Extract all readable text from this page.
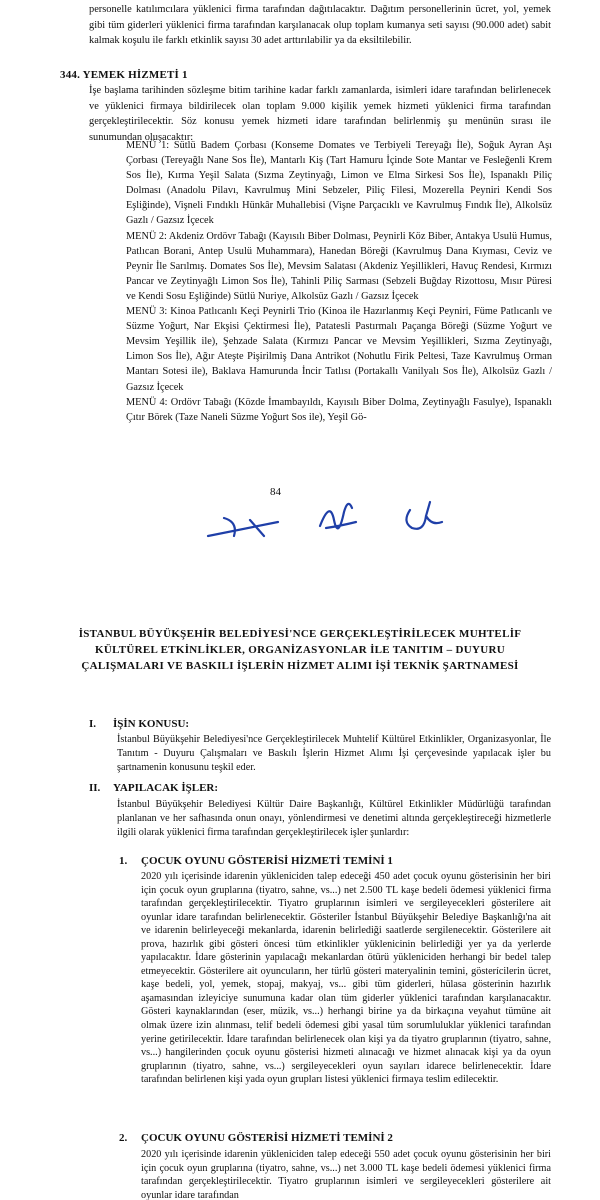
personelle katılımcılara yüklenici firma tarafından dağıtılacaktır. Dağıtım personellerinin ücret, yol, yemek gibi tüm giderleri yüklenici firma tarafından karşılanacak olup toplam kumanya seti sayısı (90.000 adet) sabit kalmak koşulu ile farklı etkinlik sayısı 30 adet arttırılabilir ya da eksiltilebilir.

344. YEMEK HİZMETİ 1

İşe başlama tarihinden sözleşme bitim tarihine kadar farklı zamanlarda, isimleri idare tarafından belirlenecek ve yüklenici firmaya bildirilecek olan toplam 9.000 kişilik yemek hizmeti yüklenici firma tarafından gerçekleştirilecektir. Söz konusu yemek hizmeti idare tarafından belirlenmiş şu menünün sırası ile sunumundan oluşacaktır:

MENÜ 1: Sütlü Badem Çorbası (Konseme Domates ve Terbiyeli Tereyağı İle), Soğuk Ayran Aşı Çorbası (Tereyağlı Nane Sos İle), Mantarlı Kiş (Tart Hamuru İçinde Sote Mantar ve Fesleğenli Krem Sos İle), Kırma Yeşil Salata (Sızma Zeytinyağı, Limon ve Elma Sirkesi Sos İle), Ispanaklı Piliç Dolması (Anadolu Pilavı, Kavrulmuş Mini Sebzeler, Piliç Filesi, Mozerella Peyniri Kendi Sos Eşliğinde), Vişneli Fındıklı Hünkâr Muhallebisi (Vişne Parçacıklı ve Kavrulmuş Fındık İle), Alkolsüz Gazlı / Gazsız İçecek

MENÜ 2: Akdeniz Ordövr Tabağı (Kayısılı Biber Dolması, Peynirli Köz Biber, Antakya Usulü Humus, Patlıcan Borani, Antep Usulü Muhammara), Hanedan Böreği (Kavrulmuş Dana Kıyması, Ceviz ve Peynir İle Sarılmış. Domates Sos İle), Mevsim Salatası (Akdeniz Yeşillikleri, Havuç Rendesi, Kırmızı Pancar ve Zeytinyağlı Limon Sos İle), Tahinli Piliç Sarması (Sebzeli Buğday Rizottosu, Mısır Püresi ve Kendi Sosu Eşliğinde) Sütlü Nuriye, Alkolsüz Gazlı / Gazsız İçecek

MENÜ 3: Kinoa Patlıcanlı Keçi Peynirli Trio (Kinoa ile Hazırlanmış Keçi Peyniri, Füme Patlıcanlı ve Süzme Yoğurt, Nar Ekşisi Çektirmesi İle), Patatesli Pastırmalı Paçanga Böreği (Süzme Yoğurt ve Mevsim Yeşillik ile), Şehzade Salata (Kırmızı Pancar ve Mevsim Yeşillikleri, Sızma Zeytinyağı, Limon Sos İle), Ağır Ateşte Pişirilmiş Dana Antrikot (Nohutlu Firik Peltesi, Taze Kavrulmuş Orman Mantarı Sotesi ile), Baklava Hamurunda İncir Tatlısı (Portakallı Vanilyalı Sos İle), Alkolsüz Gazlı / Gazsız İçecek

MENÜ 4: Ordövr Tabağı (Közde İmambayıldı, Kayısılı Biber Dolma, Zeytinyağlı Fasulye), Ispanaklı Çıtır Börek (Taze Naneli Süzme Yoğurt Sos ile), Yeşil Gö-

84
İSTANBUL BÜYÜKŞEHİR BELEDİYESİ'NCE GERÇEKLEŞTİRİLECEK MUHTELİF KÜLTÜREL ETKİNLİKLER, ORGANİZASYONLAR İLE TANITIM – DUYURU ÇALIŞMALARI VE BASKILI İŞLERİN HİZMET ALIMI İŞİ TEKNİK ŞARTNAMESİ
I. İŞİN KONUSU:

İstanbul Büyükşehir Belediyesi'nce Gerçekleştirilecek Muhtelif Kültürel Etkinlikler, Organizasyonlar, İle Tanıtım - Duyuru Çalışmaları ve Baskılı İşlerin Hizmet Alımı İşi çerçevesinde yapılacak işler bu şartnamenin konusunu teşkil eder.

II. YAPILACAK İŞLER:

İstanbul Büyükşehir Belediyesi Kültür Daire Başkanlığı, Kültürel Etkinlikler Müdürlüğü tarafından planlanan ve her safhasında onun onayı, yönlendirmesi ve denetimi altında gerçekleştireceği hizmetlerle ilgili olarak yüklenici firma tarafından gerçekleştirilecek işler şunlardır:

1. ÇOCUK OYUNU GÖSTERİSİ HİZMETİ TEMİNİ 1

2020 yılı içerisinde idarenin yükleniciden talep edeceği 450 adet çocuk oyunu gösterisinin her biri için çocuk oyun gruplarına (tiyatro, sahne, vs...) net 2.500 TL kaşe bedeli ödemesi yüklenici firma tarafından gerçekleştirilecektir. Tiyatro gruplarının isimleri ve sergileyecekleri gösterilere ait oyunlar idare tarafından belirlenecektir. Gösteriler İstanbul Büyükşehir Belediye Başkanlığı'na ait ve idarenin belirleyeceği mekanlarda, idarenin belirlediği saatlerde sergilenecektir. Gösterilere ait prova, hazırlık gibi gösteri öncesi tüm etkinlikler yüklenicinin belirlediği yer ya da yerlerde yapılacaktır. İdare gösterinin yapılacağı mekanlardan ötürü yükleniciden herhangi bir bedel talep etmeyecektir. Gösterilere ait oyuncuların, her türlü gösteri materyalinin temini, gösterícilerin ücret, kaşe bedeli, yol, yemek, stopaj, makyaj, vs... gibi tüm giderleri, hülasa gösterinin hazırlık aşamasından izleyiciye sunumuna kadar olan tüm giderler yüklenici tarafından karşılanacaktır. Gösteri kaynaklarından (eser, müzik, vs...) herhangi birine ya da birkaçına veyahut tümüne ait olmak üzere izin alınması, telif bedeli ödemesi gibi yasal tüm sorumluluklar yüklenici tarafından yerine getirilecektir. İdare tarafından belirlenecek olan kişi ya da tiyatro gruplarının (tiyatro, sahne, vs...) hangilerinden çocuk oyunu gösterisi hizmeti alınacağı ve hizmet alınacak kişi ya da oyun gruplarının (tiyatro, sahne, vs...) sergileyecekleri oyun sayıları idarece belirlenecektir. İdare tarafından belirlenen kişi yada oyun grupları listesi yüklenici firmaya teslim edilecektir.

2. ÇOCUK OYUNU GÖSTERİSİ HİZMETİ TEMİNİ 2

2020 yılı içerisinde idarenin yükleniciden talep edeceği 550 adet çocuk oyunu gösterisinin her biri için çocuk oyun gruplarına (tiyatro, sahne, vs...) net 3.000 TL kaşe bedeli ödemesi yüklenici firma tarafından gerçekleştirilecektir. Tiyatro gruplarının isimleri ve sergileyecekleri gösterilere ait oyunlar idare tarafından
